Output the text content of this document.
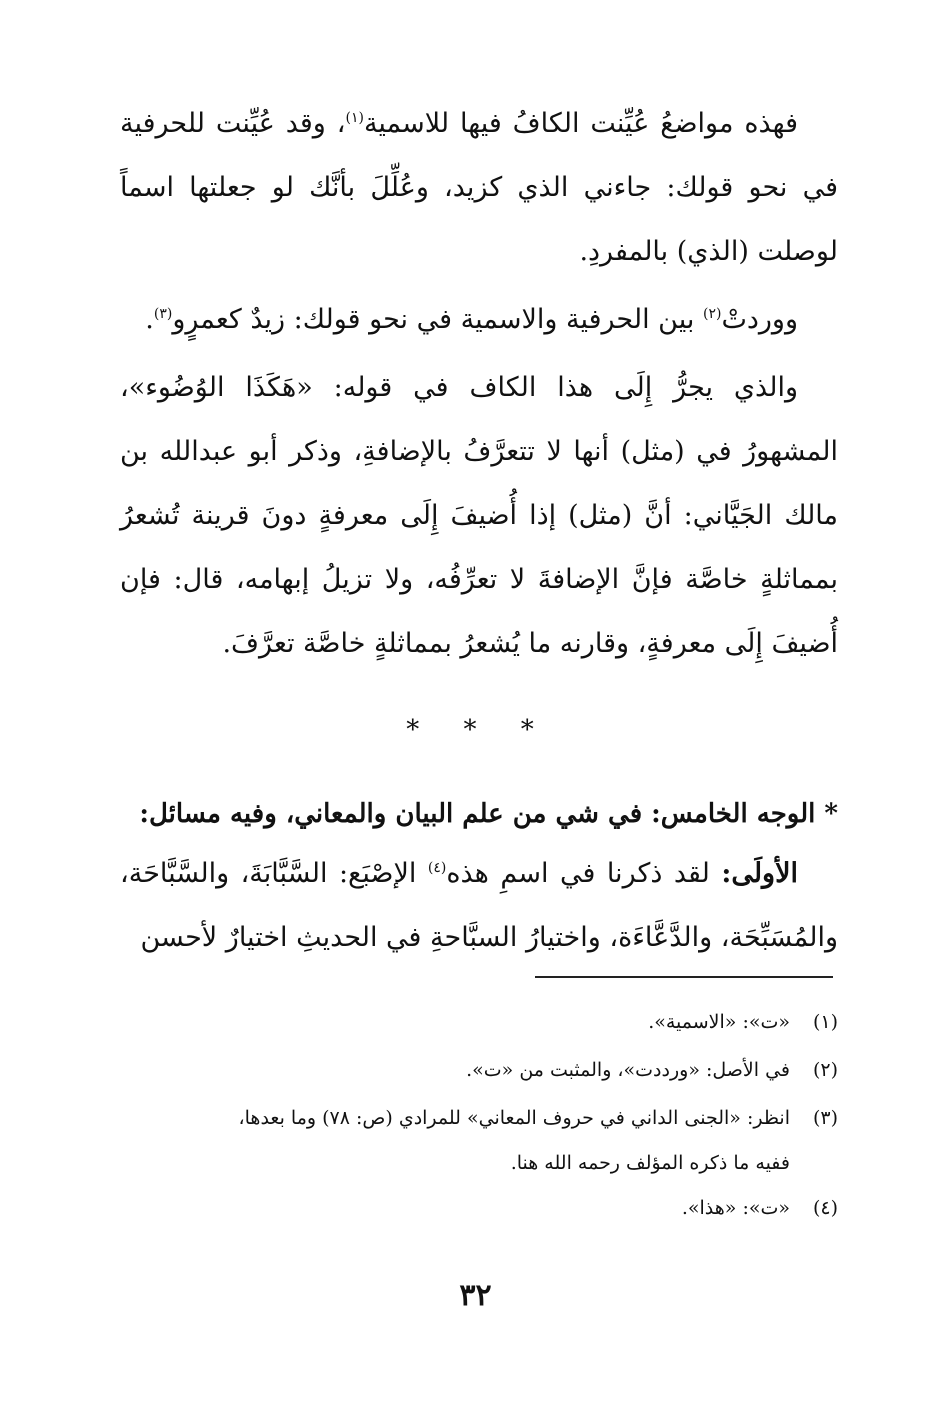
فهذه مواضعُ عُيِّنت الكافُ فيها للاسمية$^{(١)}$، وقد عُيِّنت للحرفية في نحو قولك: جاءني الذي كزيد، وعُلِّلَ بأنَّك لو جعلتها اسماً لوصلت (الذي) بالمفردِ.

ووردتْ$^{(٢)}$ بين الحرفية والاسمية في نحو قولك: زيدٌ كعمرٍو$^{(٣)}$.

والذي يجرُّ إِلَى هذا الكاف في قوله: «هَكَذَا الوُضُوء»، المشهورُ في (مثل) أنها لا تتعرَّفُ بالإضافةِ، وذكر أبو عبدالله بن مالك الجَيَّاني: أنَّ (مثل) إذا أُضيفَ إِلَى معرفةٍ دونَ قرينة تُشعرُ بمماثلةٍ خاصَّة فإنَّ الإضافةَ لا تعرِّفُه، ولا تزيلُ إبهامه، قال: فإن أُضيفَ إِلَى معرفةٍ، وقارنه ما يُشعرُ بمماثلةٍ خاصَّة تعرَّفَ.

* * *

* الوجه الخامس: في شي من علم البيان والمعاني، وفيه مسائل:

الأولَى: لقد ذكرنا في اسمِ هذه$^{(٤)}$ الإصْبَع: السَّبَّابَةَ، والسَّبَّاحَة، والمُسَبِّحَة، والدَّعَّاءَة، واختيارُ السبَّاحةِ في الحديثِ اختيارٌ لأحسن

(١)
«ت»: «الاسمية».
(٢)
في الأصل: «ورددت»، والمثبت من «ت».
(٣)
انظر: «الجنى الداني في حروف المعاني» للمرادي (ص: ٧٨) وما بعدها،
ففيه ما ذكره المؤلف رحمه الله هنا.
(٤)
«ت»: «هذا».
٣٢
